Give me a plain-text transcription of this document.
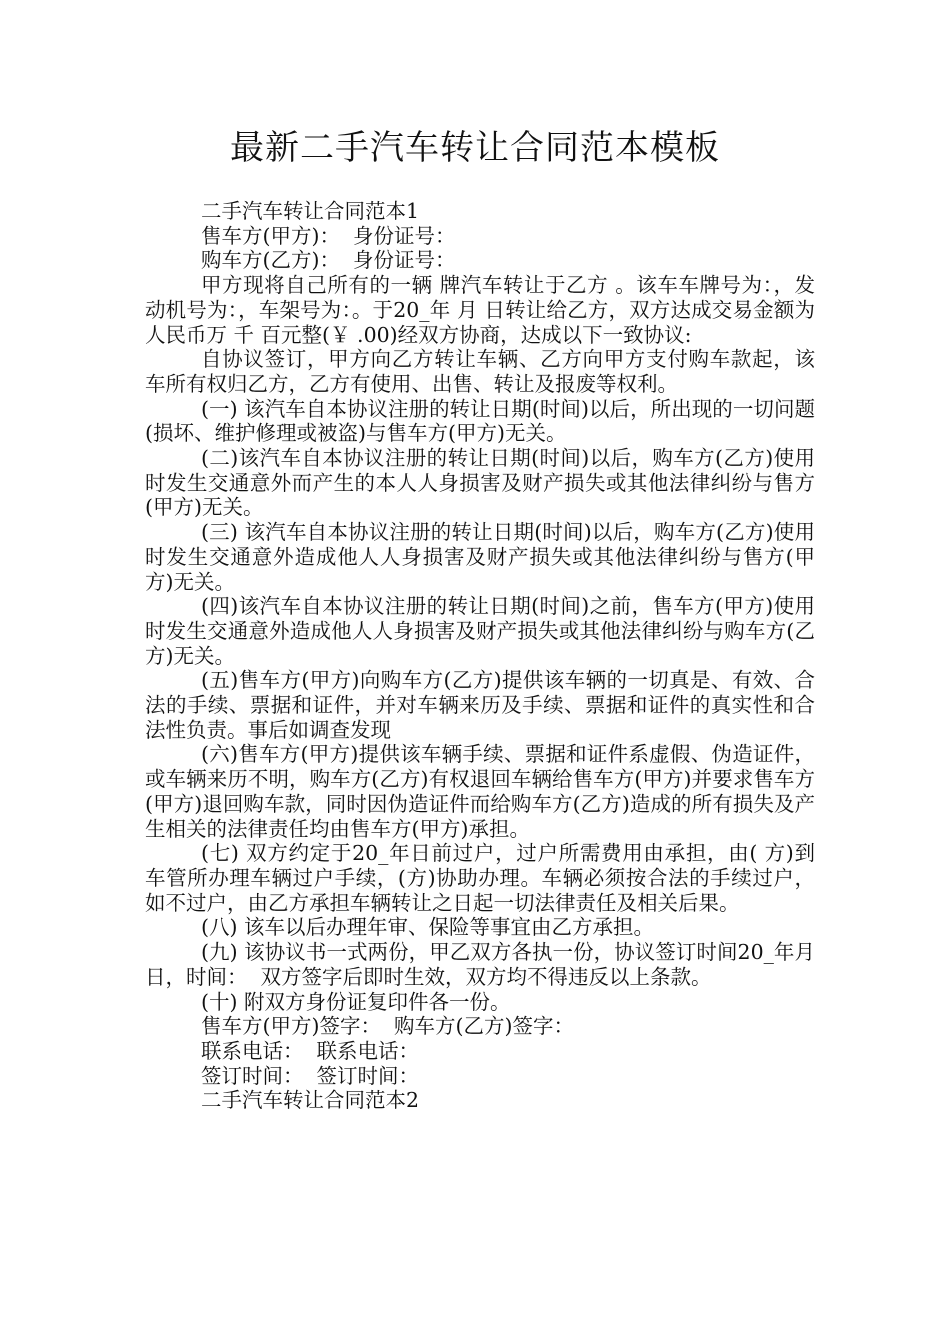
最新二手汽车转让合同范本模板

二手汽车转让合同范本1

售车方(甲方)：  身份证号：

购车方(乙方)：  身份证号：

甲方现将自己所有的一辆 牌汽车转让于乙方 。该车车牌号为：，发动机号为：，车架号为：。于20_年 月 日转让给乙方，双方达成交易金额为人民币万 千 百元整(￥ .00)经双方协商，达成以下一致协议:

自协议签订，甲方向乙方转让车辆、乙方向甲方支付购车款起，该车所有权归乙方，乙方有使用、出售、转让及报废等权利。

(一) 该汽车自本协议注册的转让日期(时间)以后，所出现的一切问题(损坏、维护修理或被盗)与售车方(甲方)无关。

(二)该汽车自本协议注册的转让日期(时间)以后，购车方(乙方)使用时发生交通意外而产生的本人人身损害及财产损失或其他法律纠纷与售方(甲方)无关。

(三) 该汽车自本协议注册的转让日期(时间)以后，购车方(乙方)使用时发生交通意外造成他人人身损害及财产损失或其他法律纠纷与售方(甲方)无关。

(四)该汽车自本协议注册的转让日期(时间)之前，售车方(甲方)使用时发生交通意外造成他人人身损害及财产损失或其他法律纠纷与购车方(乙方)无关。

(五)售车方(甲方)向购车方(乙方)提供该车辆的一切真是、有效、合法的手续、票据和证件，并对车辆来历及手续、票据和证件的真实性和合法性负责。事后如调查发现

(六)售车方(甲方)提供该车辆手续、票据和证件系虚假、伪造证件，或车辆来历不明，购车方(乙方)有权退回车辆给售车方(甲方)并要求售车方(甲方)退回购车款，同时因伪造证件而给购车方(乙方)造成的所有损失及产生相关的法律责任均由售车方(甲方)承担。

(七) 双方约定于20_年日前过户，过户所需费用由承担，由( 方)到车管所办理车辆过户手续，(方)协助办理。车辆必须按合法的手续过户，如不过户，由乙方承担车辆转让之日起一切法律责任及相关后果。

(八) 该车以后办理年审、保险等事宜由乙方承担。

(九) 该协议书一式两份，甲乙双方各执一份，协议签订时间20_年月日，时间：  双方签字后即时生效，双方均不得违反以上条款。

(十) 附双方身份证复印件各一份。

售车方(甲方)签字：  购车方(乙方)签字：

联系电话：  联系电话：

签订时间：  签订时间：

二手汽车转让合同范本2
